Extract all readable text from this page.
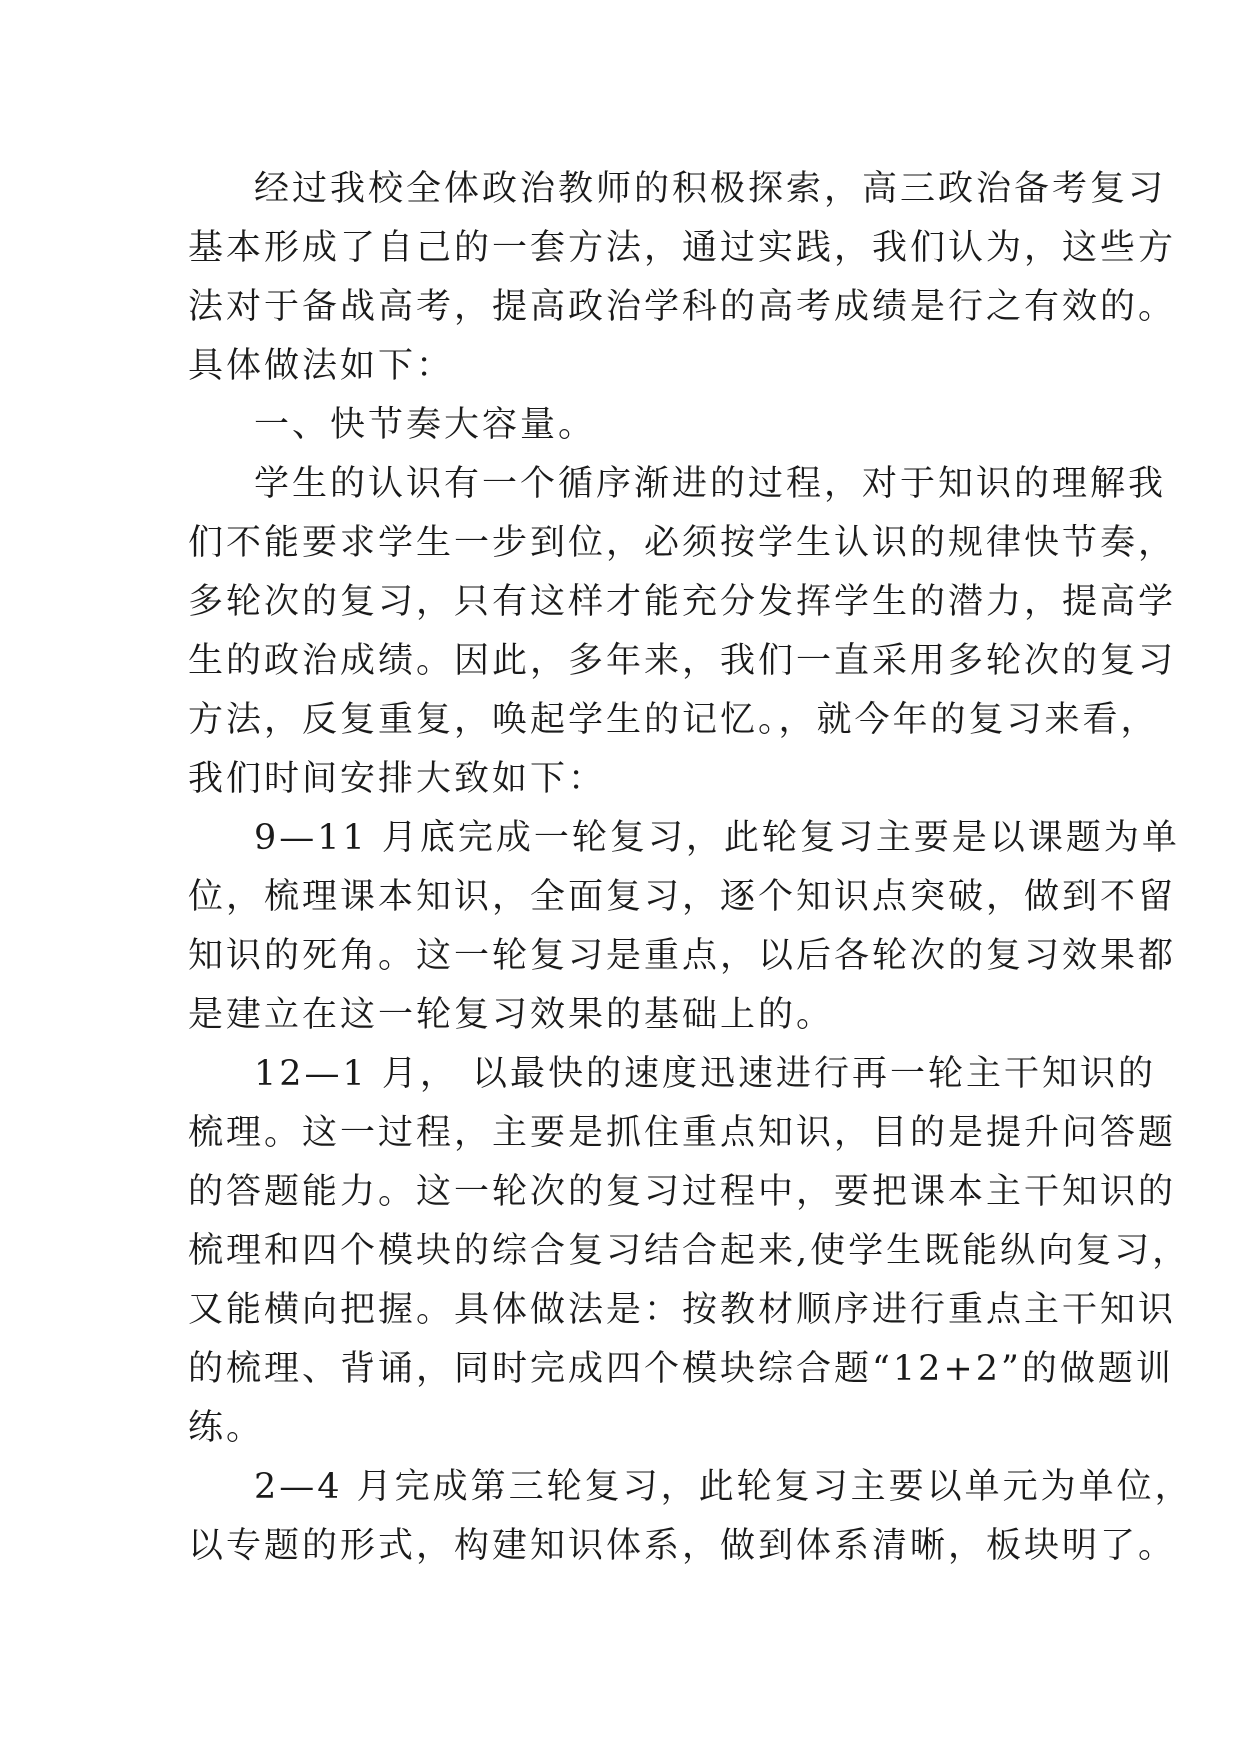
经过我校全体政治教师的积极探索，高三政治备考复习
基本形成了自己的一套方法，通过实践，我们认为，这些方
法对于备战高考，提高政治学科的高考成绩是行之有效的。
具体做法如下：
一、快节奏大容量。
学生的认识有一个循序渐进的过程，对于知识的理解我
们不能要求学生一步到位，必须按学生认识的规律快节奏，
多轮次的复习，只有这样才能充分发挥学生的潜力，提高学
生的政治成绩。因此，多年来，我们一直采用多轮次的复习
方法，反复重复，唤起学生的记忆。，就今年的复习来看，
我们时间安排大致如下：
9—11 月底完成一轮复习，此轮复习主要是以课题为单
位，梳理课本知识，全面复习，逐个知识点突破，做到不留
知识的死角。这一轮复习是重点，以后各轮次的复习效果都
是建立在这一轮复习效果的基础上的。
12—1 月， 以最快的速度迅速进行再一轮主干知识的
梳理。这一过程，主要是抓住重点知识，目的是提升问答题
的答题能力。这一轮次的复习过程中，要把课本主干知识的
梳理和四个模块的综合复习结合起来,使学生既能纵向复习，
又能横向把握。具体做法是：按教材顺序进行重点主干知识
的梳理、背诵，同时完成四个模块综合题“12+2”的做题训
练。
2—4 月完成第三轮复习，此轮复习主要以单元为单位，
以专题的形式，构建知识体系，做到体系清晰，板块明了。
